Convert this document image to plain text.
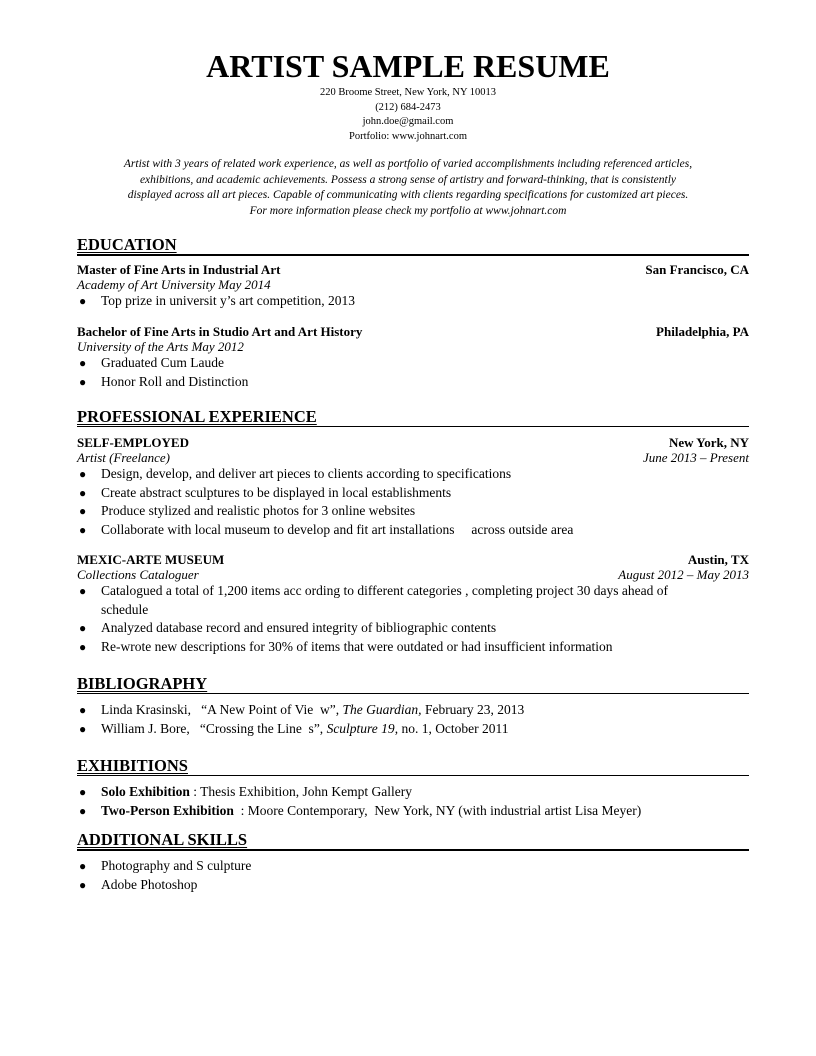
ARTIST SAMPLE RESUME
220 Broome Street, New York, NY 10013
(212) 684-2473
john.doe@gmail.com
Portfolio: www.johnart.com
Artist with 3 years of related work experience, as well as portfolio of varied accomplishments including referenced articles,
exhibitions, and academic achievements. Possess a strong sense of artistry and forward-thinking, that is consistently
displayed across all art pieces. Capable of communicating with clients regarding specifications for customized art pieces.
For more information please check my portfolio at www.johnart.com
EDUCATION
Master of Fine Arts in Industrial Art	San Francisco, CA
Academy of Art University May 2014
● Top prize in universit y’s art competition, 2013
Bachelor of Fine Arts in Studio Art and Art History	Philadelphia, PA
University of the Arts May 2012
● Graduated Cum Laude
● Honor Roll and Distinction
PROFESSIONAL EXPERIENCE
SELF-EMPLOYED	New York, NY
Artist (Freelance)	June 2013 – Present
● Design, develop, and deliver art pieces to clients according to specifications
● Create abstract sculptures to be displayed in local establishments
● Produce stylized and realistic photos for 3 online websites
● Collaborate with local museum to develop and fit art installations     across outside area
MEXIC-ARTE MUSEUM	Austin, TX
Collections Cataloguer	August 2012 – May 2013
● Catalogued a total of 1,200 items acc ording to different categories , completing project 30 days ahead of schedule
● Analyzed database record and ensured integrity of bibliographic contents
● Re-wrote new descriptions for 30% of items that were outdated or had insufficient information
BIBLIOGRAPHY
● Linda Krasinski, “A New Point of Vie  w”, The Guardian, February 23, 2013
● William J. Bore, “Crossing the Line  s”, Sculpture 19, no. 1, October 2011
EXHIBITIONS
● Solo Exhibition : Thesis Exhibition, John Kempt Gallery
● Two-Person Exhibition  : Moore Contemporary,  New York, NY (with industrial artist Lisa Meyer)
ADDITIONAL SKILLS
● Photography and S culpture
● Adobe Photoshop
